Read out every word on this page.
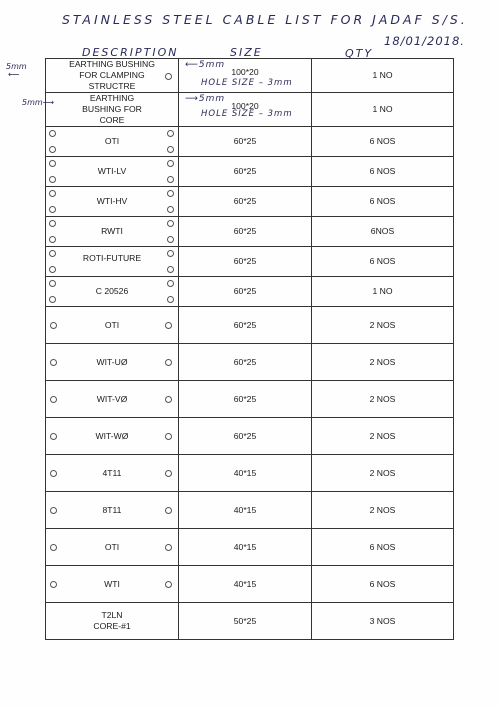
STAINLESS STEEL CABLE LIST FOR JADAF S/S.
18/01/2018.
DESCRIPTION	SIZE	QTY
5mm
⟵
5mm⟶
EARTHING BUSHING FOR CLAMPING STRUCTRE	⟵5mm
100*20
HOLE SIZE – 3mm	1 NO
EARTHING BUSHING FOR CORE	⟶5mm
100*20
HOLE SIZE – 3mm	1 NO

OTI	60*25	6 NOS

WTI-LV	60*25	6 NOS

WTI-HV	60*25	6 NOS

RWTI	60*25	6NOS

ROTI-FUTURE	60*25	6 NOS

C 20526	60*25	1 NO

OTI	60*25	2 NOS

WIT-UØ	60*25	2 NOS

WIT-VØ	60*25	2 NOS

WIT-WØ	60*25	2 NOS

4T11	40*15	2 NOS

8T11	40*15	2 NOS

OTI	40*15	6 NOS

WTI	40*15	6 NOS
T2LN
CORE-#1	50*25	3 NOS
